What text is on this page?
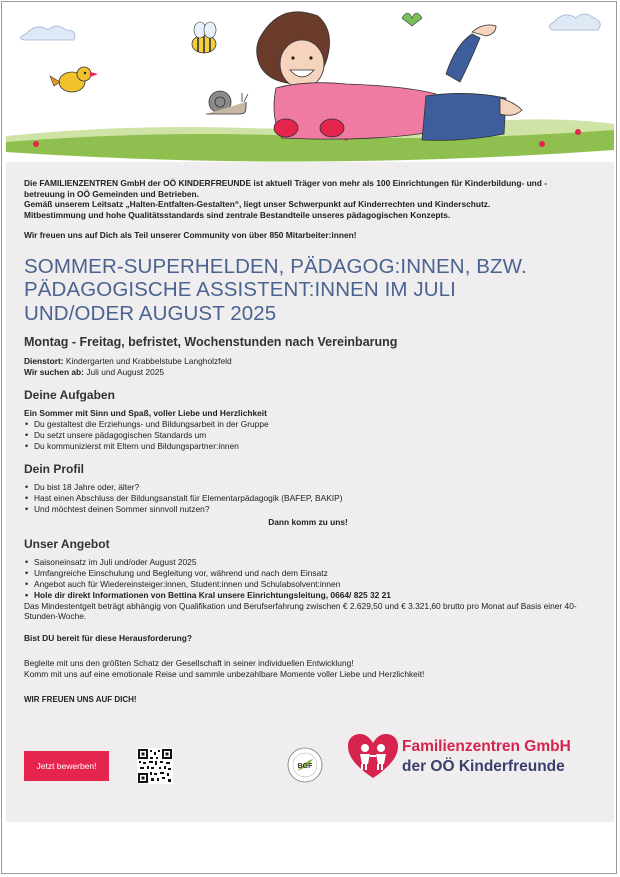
Die FAMILIENZENTREN GmbH der OÖ KINDERFREUNDE ist aktuell Träger von mehr als 100 Einrichtungen für Kinderbildung- und -

betreuung in OÖ Gemeinden und Betrieben.

Gemäß unserem Leitsatz „Halten-Entfalten-Gestalten“, liegt unser Schwerpunkt auf Kinderrechten und Kinderschutz.

Mitbestimmung und hohe Qualitätsstandards sind zentrale Bestandteile unseres pädagogischen Konzepts.

Wir freuen uns auf Dich als Teil unserer Community von über 850 Mitarbeiter:innen!

SOMMER-SUPERHELDEN, PÄDAGOG:INNEN, BZW.
PÄDAGOGISCHE ASSISTENT:INNEN IM JULI
UND/ODER AUGUST 2025
Montag - Freitag, befristet, Wochenstunden nach Vereinbarung
Dienstort: Kindergarten und Krabbelstube Langholzfeld
Wir suchen ab: Juli und August 2025
Deine Aufgaben
Ein Sommer mit Sinn und Spaß, voller Liebe und Herzlichkeit
• Du gestaltest die Erziehungs- und Bildungsarbeit in der Gruppe
• Du setzt unsere pädagogischen Standards um
• Du kommunizierst mit Eltern und Bildungspartner:innen
Dein Profil
• Du bist 18 Jahre oder, älter?
• Hast einen Abschluss der Bildungsanstalt für Elementarpädagogik (BAFEP, BAKIP)
• Und möchtest deinen Sommer sinnvoll nutzen?
Dann komm zu uns!
Unser Angebot
• Saisoneinsatz im Juli und/oder August 2025
• Umfangreiche Einschulung und Begleitung vor, während und nach dem Einsatz
• Angebot auch für Wiedereinsteiger:innen, Student:innen und Schulabsolvent:innen
• Hole dir direkt Informationen von Bettina Kral unsere Einrichtungsleitung, 0664/ 825 32 21

Das Mindestentgelt beträgt abhängig von Qualifikation und Berufserfahrung zwischen € 2.629,50 und € 3.321,60 brutto pro Monat auf Basis einer 40-Stunden-Woche.

Bist DU bereit für diese Herausforderung?

Begleite mit uns den größten Schatz der Gesellschaft in seiner individuellen Entwicklung!

Komm mit uns auf eine emotionale Reise und sammle unbezahlbare Momente voller Liebe und Herzlichkeit!

WIR FREUEN UNS AUF DICH!

Jetzt bewerben!	BGF
Familienzentren GmbH
der OÖ Kinderfreunde
